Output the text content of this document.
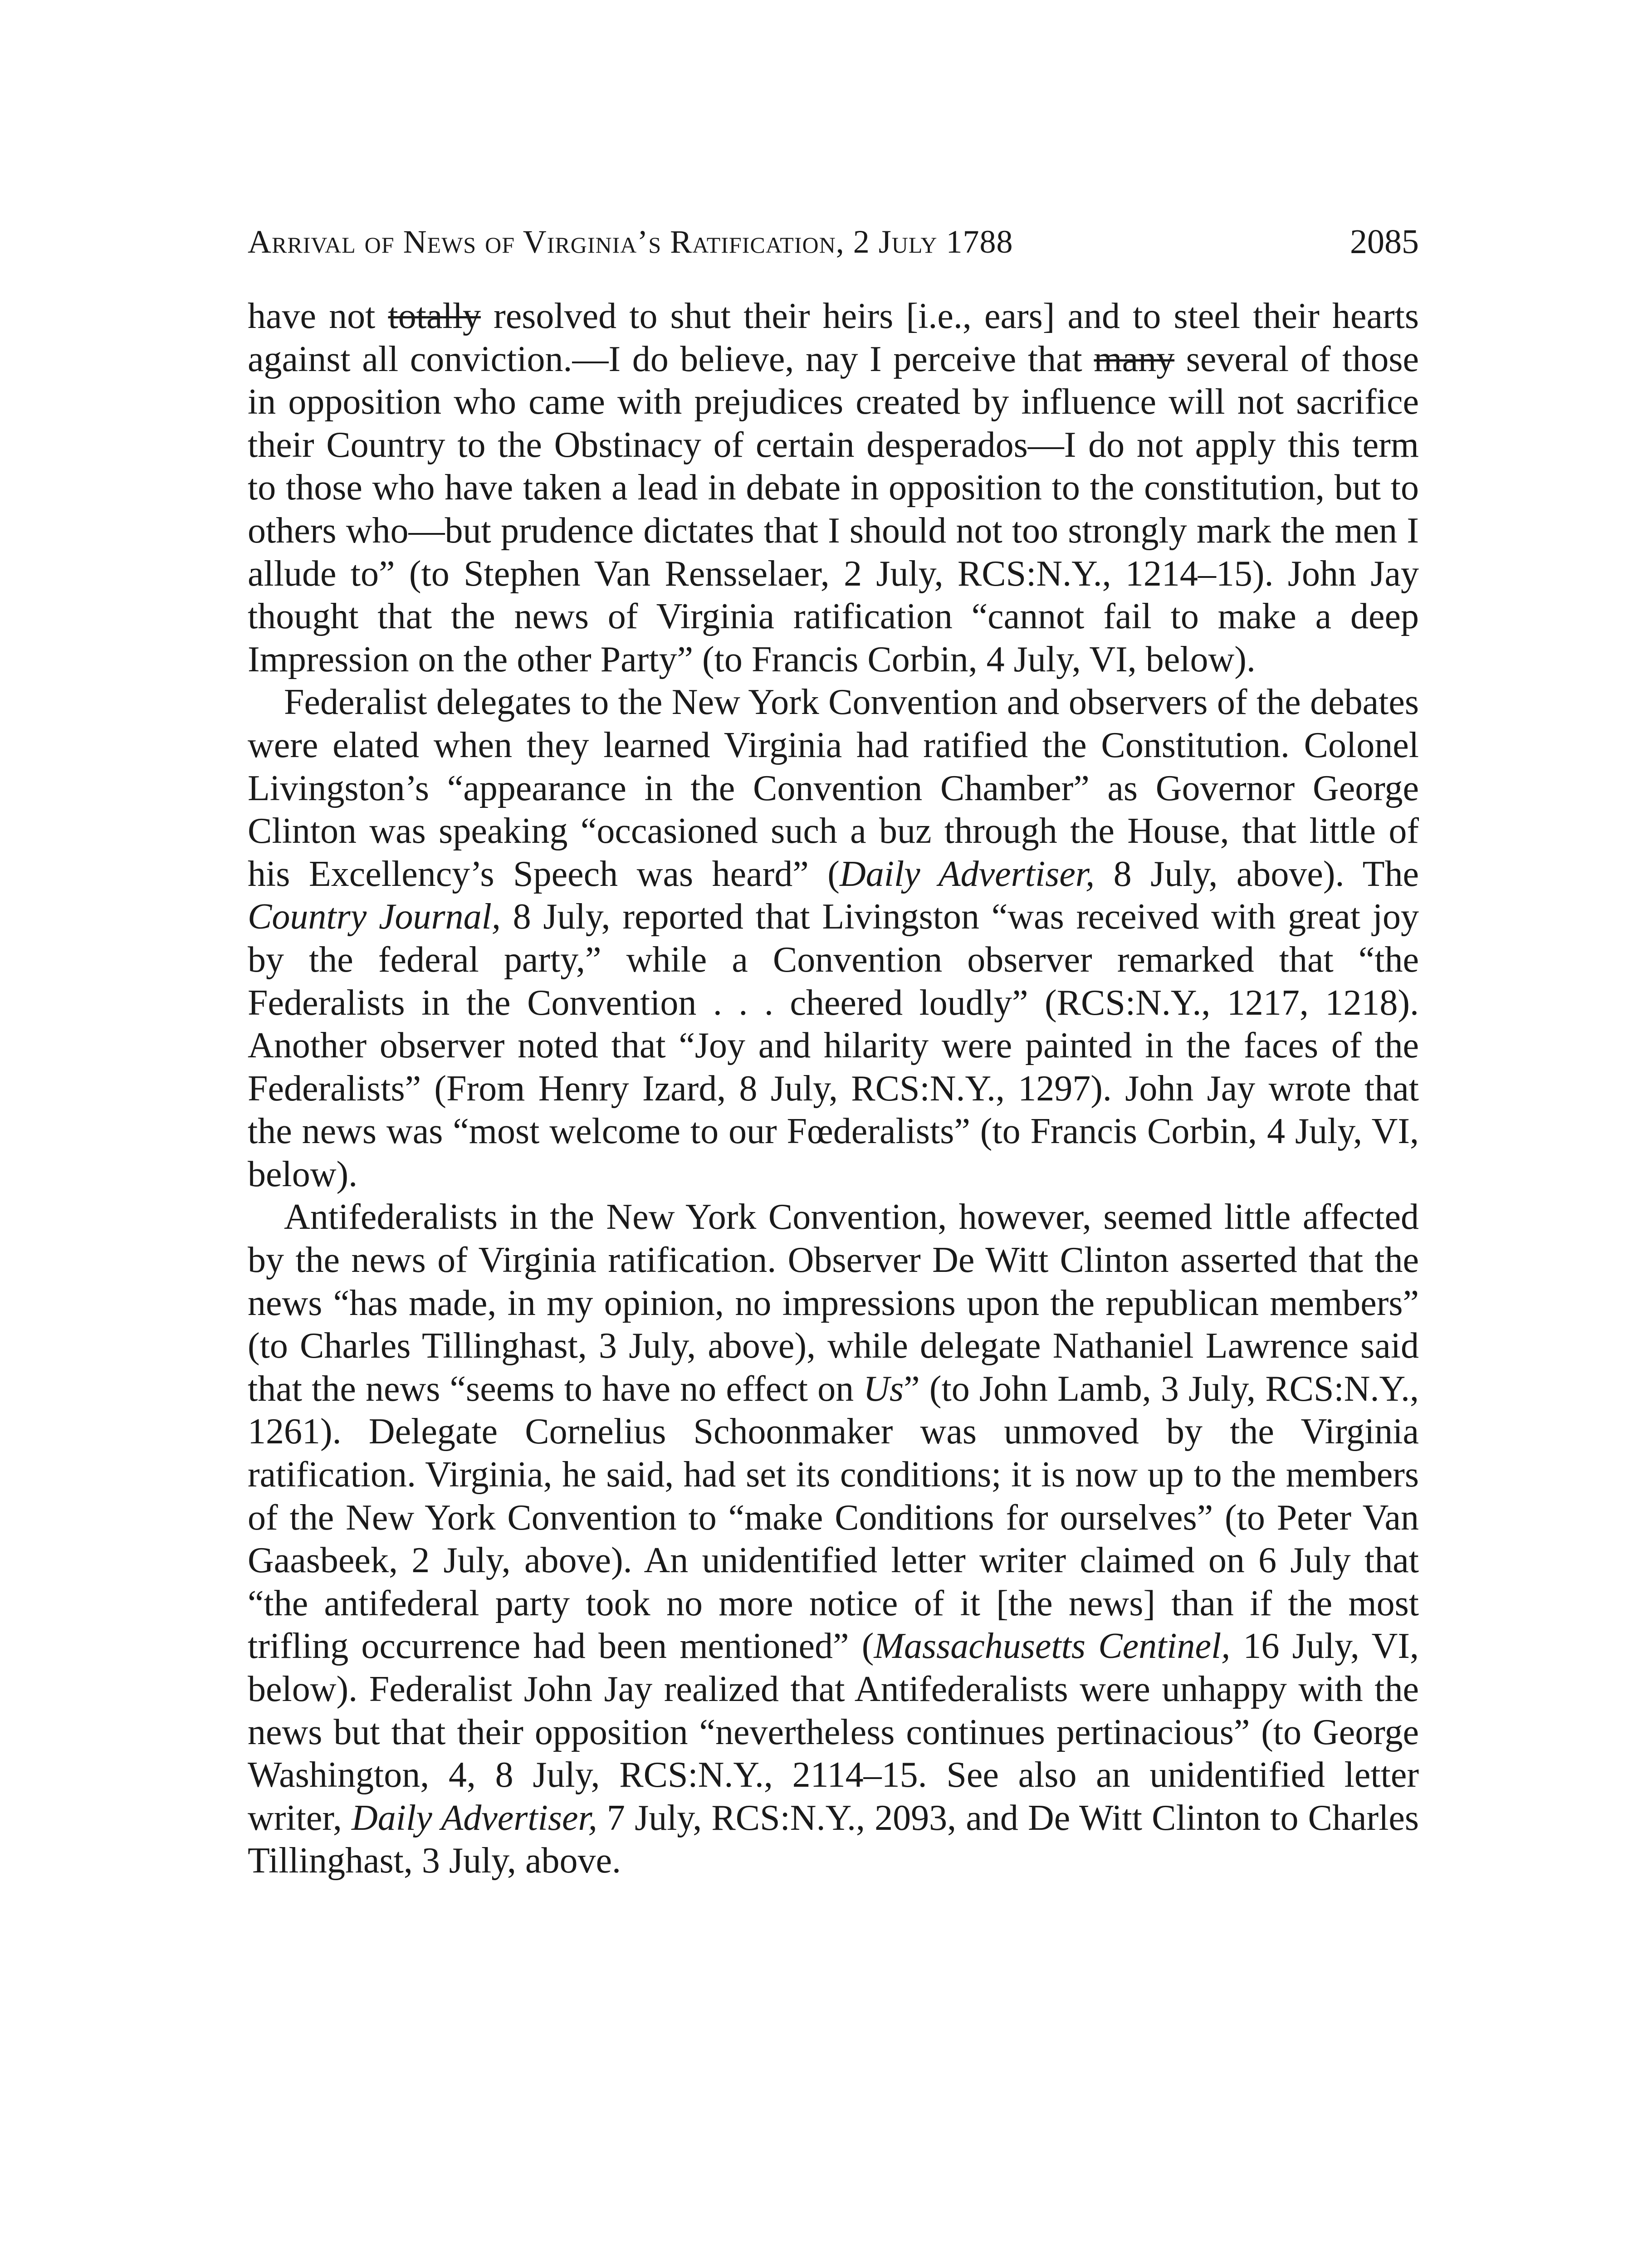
Arrival of News of Virginia’s Ratification, 2 July 1788	2085

have not totally resolved to shut their heirs [i.e., ears] and to steel their hearts against all conviction.—I do believe, nay I perceive that many several of those in opposition who came with prejudices created by influence will not sacrifice their Country to the Obstinacy of certain desperados—I do not apply this term to those who have taken a lead in debate in opposition to the constitution, but to others who—but prudence dictates that I should not too strongly mark the men I allude to” (to Stephen Van Rensselaer, 2 July, RCS:N.Y., 1214–15). John Jay thought that the news of Virginia ratification “cannot fail to make a deep Impression on the other Party” (to Francis Corbin, 4 July, VI, below).

Federalist delegates to the New York Convention and observers of the debates were elated when they learned Virginia had ratified the Constitution. Colonel Livingston’s “appearance in the Convention Chamber” as Governor George Clinton was speaking “occasioned such a buz through the House, that little of his Excellency’s Speech was heard” (Daily Advertiser, 8 July, above). The Country Journal, 8 July, reported that Livingston “was received with great joy by the federal party,” while a Convention observer remarked that “the Federalists in the Convention . . . cheered loudly” (RCS:N.Y., 1217, 1218). Another observer noted that “Joy and hilarity were painted in the faces of the Federalists” (From Henry Izard, 8 July, RCS:N.Y., 1297). John Jay wrote that the news was “most welcome to our Fœderalists” (to Francis Corbin, 4 July, VI, below).

Antifederalists in the New York Convention, however, seemed little affected by the news of Virginia ratification. Observer De Witt Clinton asserted that the news “has made, in my opinion, no impressions upon the republican members” (to Charles Tillinghast, 3 July, above), while delegate Nathaniel Lawrence said that the news “seems to have no effect on Us” (to John Lamb, 3 July, RCS:N.Y., 1261). Delegate Cornelius Schoonmaker was unmoved by the Virginia ratification. Virginia, he said, had set its conditions; it is now up to the members of the New York Convention to “make Conditions for ourselves” (to Peter Van Gaasbeek, 2 July, above). An unidentified letter writer claimed on 6 July that “the antifederal party took no more notice of it [the news] than if the most trifling occurrence had been mentioned” (Massachusetts Centinel, 16 July, VI, below). Federalist John Jay realized that Antifederalists were unhappy with the news but that their opposition “nevertheless continues pertinacious” (to George Washington, 4, 8 July, RCS:N.Y., 2114–15. See also an unidentified letter writer, Daily Advertiser, 7 July, RCS:N.Y., 2093, and De Witt Clinton to Charles Tillinghast, 3 July, above.
